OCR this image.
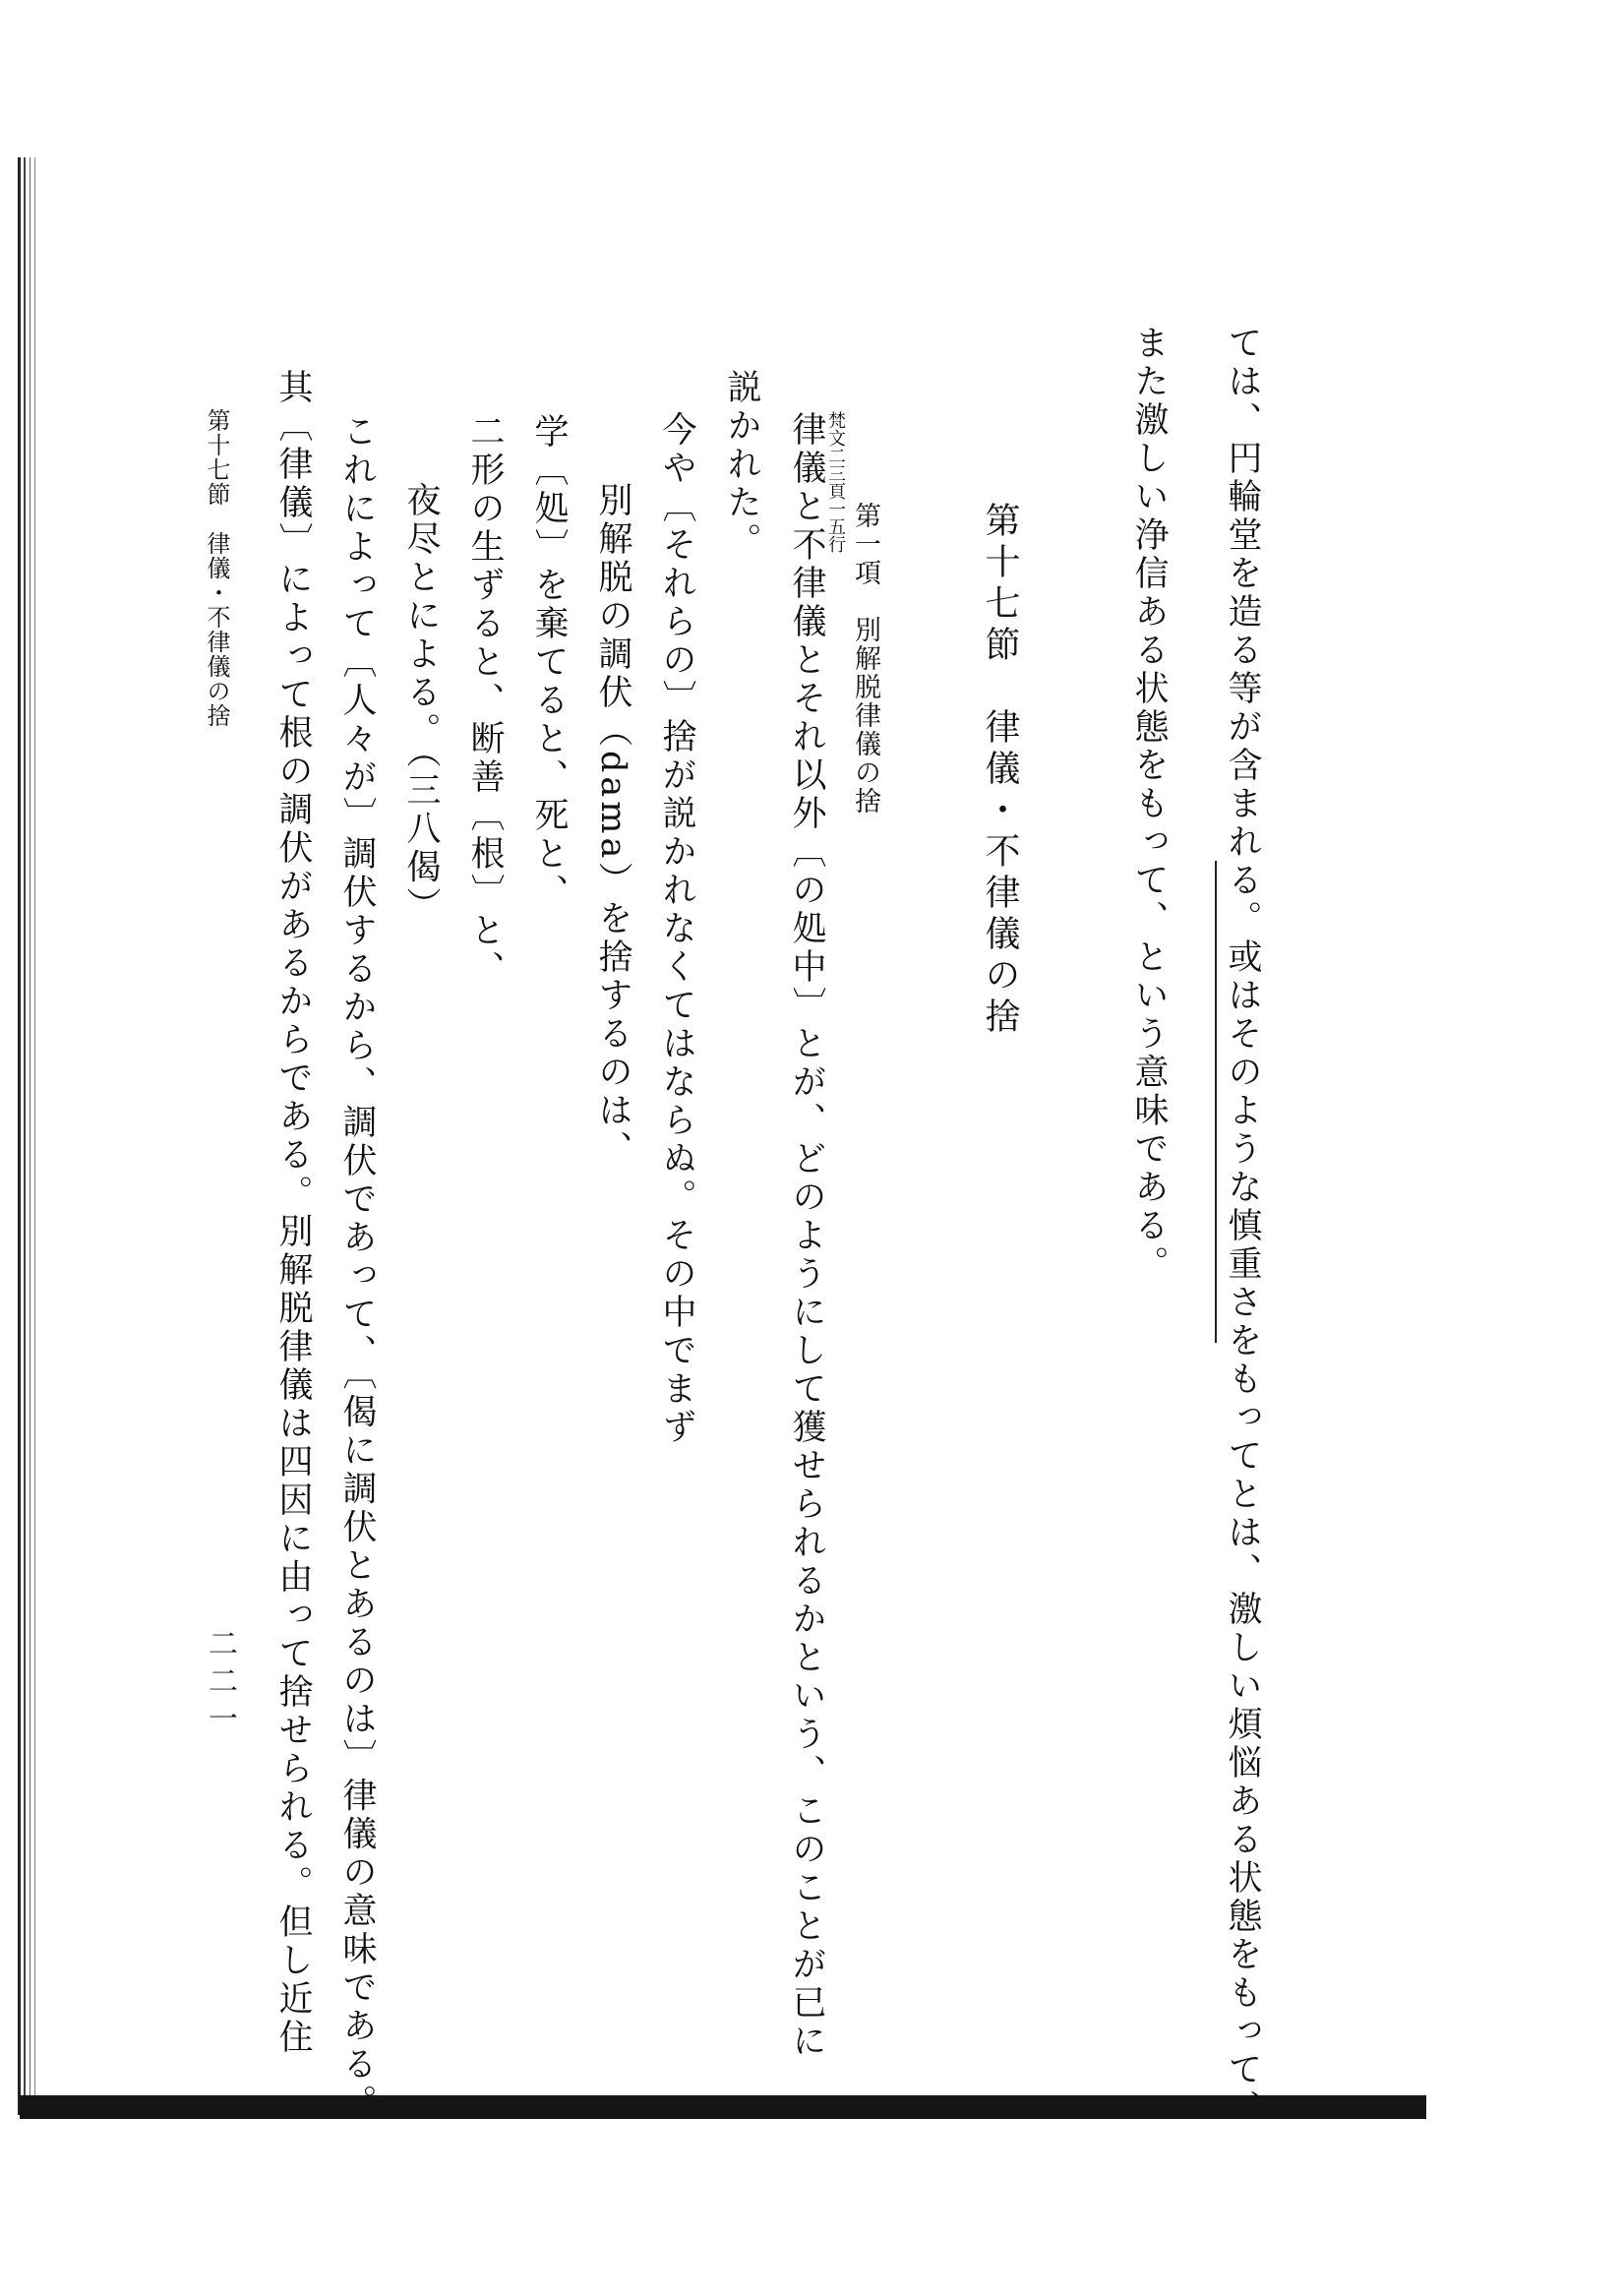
ては、円輪堂を造る等が含まれる。或はそのような慎重さをもってとは、激しい煩悩ある状態をもって、
また激しい浄信ある状態をもって、という意味である。
第十七節　律儀・不律儀の捨
第一項　別解脱律儀の捨
梵文二三頁一五行
律儀と不律儀とそれ以外〔の処中〕とが、どのようにして獲せられるかという、このことが已に
説かれた。
今や〔それらの〕捨が説かれなくてはならぬ。その中でまず
別解脱の調伏（dama）を捨するのは、
学〔処〕を棄てると、死と、
二形の生ずると、断善〔根〕と、
夜尽とによる。（三八偈）
これによって〔人々が〕調伏するから、調伏であって、〔偈に調伏とあるのは〕律儀の意味である。
其〔律儀〕によって根の調伏があるからである。別解脱律儀は四因に由って捨せられる。但し近住
第十七節　律儀・不律儀の捨
二二一
